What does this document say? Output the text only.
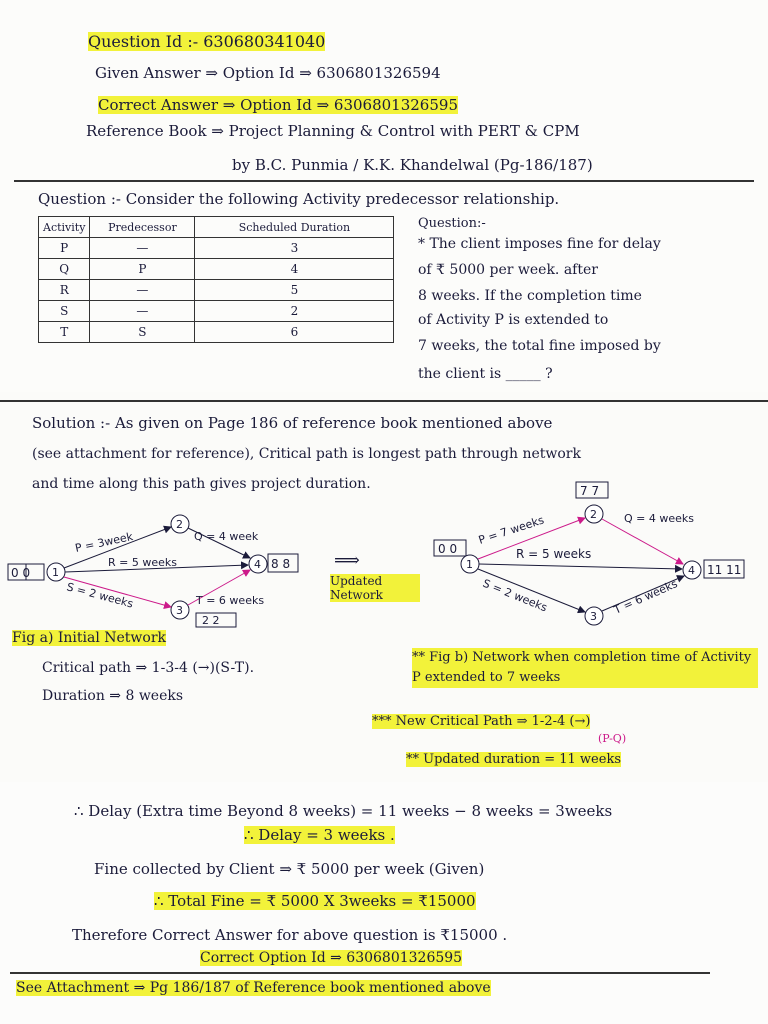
Question Id :- 630680341040
Given Answer ⇒ Option Id ⇒ 6306801326594
Correct Answer ⇒ Option Id ⇒ 6306801326595
Reference Book ⇒ Project Planning & Control with PERT & CPM
by B.C. Punmia / K.K. Khandelwal (Pg-186/187)
Question :- Consider the following Activity predecessor relationship.
Activity	Predecessor	Scheduled Duration
P	—	3
Q	P	4
R	—	5
S	—	2
T	S	6
Question:-
* The client imposes fine for delay
of ₹ 5000 per week. after
8 weeks. If the completion time
of Activity P is extended to
7 weeks, the total fine imposed by
the client is _____ ?
Solution :- As given on Page 186 of reference book mentioned above
(see attachment for reference), Critical path is longest path through network
and time along this path gives project duration.
0 0 1
2
3
4 8 8
P = 3week	Q = 4 week
R = 5 weeks
S = 2 weeks	T = 6 weeks
2 2
Updated Network
⟹
0 0
1
7 7
2
3
4 11 11
P = 7 weeks	Q = 4 weeks
R = 5 weeks
S = 2 weeks	T = 6 weeks
Fig a) Initial Network
Critical path ⇒ 1-3-4 (→)(S-T).
Duration ⇒ 8 weeks
** Fig b) Network when completion time of Activity P extended to 7 weeks
*** New Critical Path ⇒ 1-2-4 (→)
(P-Q)
** Updated duration = 11 weeks
∴ Delay (Extra time Beyond 8 weeks) = 11 weeks − 8 weeks = 3weeks
∴ Delay = 3 weeks .
Fine collected by Client ⇒ ₹ 5000 per week (Given)
∴ Total Fine = ₹ 5000 X 3weeks = ₹15000
Therefore Correct Answer for above question is ₹15000 .
Correct Option Id ⇒ 6306801326595
See Attachment ⇒ Pg 186/187 of Reference book mentioned above
